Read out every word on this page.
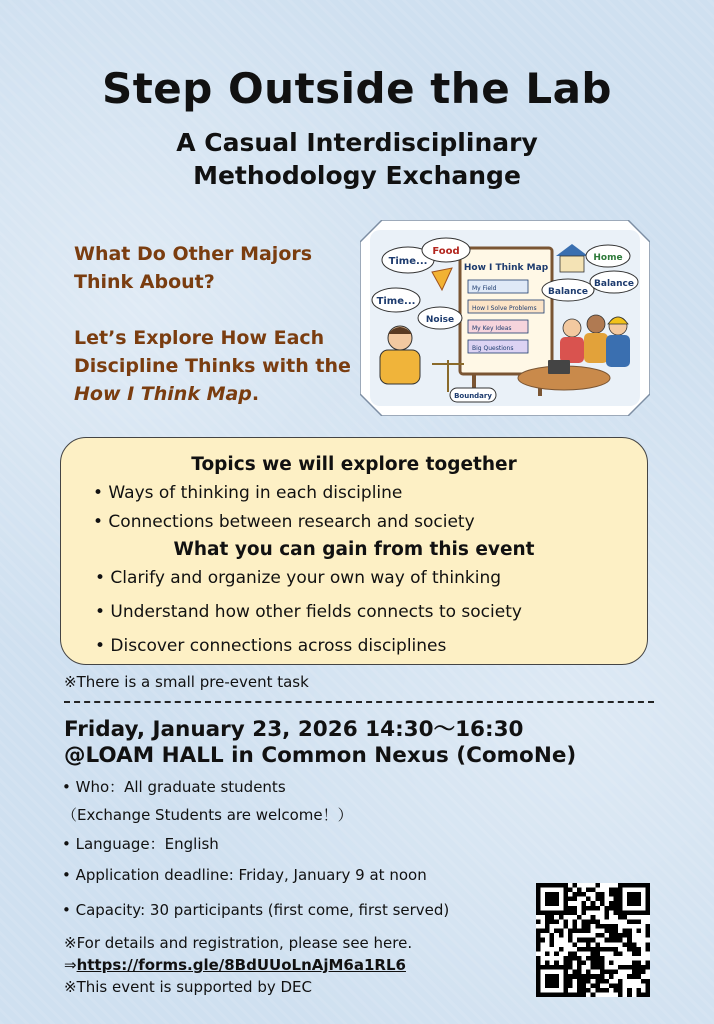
Step Outside the Lab
A Casual Interdisciplinary
Methodology Exchange

What Do Other Majors

Think About?

Let’s Explore How Each

Discipline Thinks with the

How I Think Map.

How I Think Map
My Field
How I Solve Problems
My Key Ideas
Big Questions
Time...
Food
Time...
Noise
Boundary
Home
Balance
Balance
Topics we will explore together
• Ways of thinking in each discipline
• Connections between research and society
What you can gain from this event
• Clarify and organize your own way of thinking
• Understand how other fields connects to society
• Discover connections across disciplines
※There is a small pre-event task
Friday, January 23, 2026 14:30～16:30
@LOAM HALL in Common Nexus (ComoNe)
• Who：All graduate students
（Exchange Students are welcome！）
• Language：English
• Application deadline: Friday, January 9 at noon
• Capacity: 30 participants (first come, first served)
※For details and registration, please see here.
⇒https://forms.gle/8BdUUoLnAjM6a1RL6
※This event is supported by DEC
